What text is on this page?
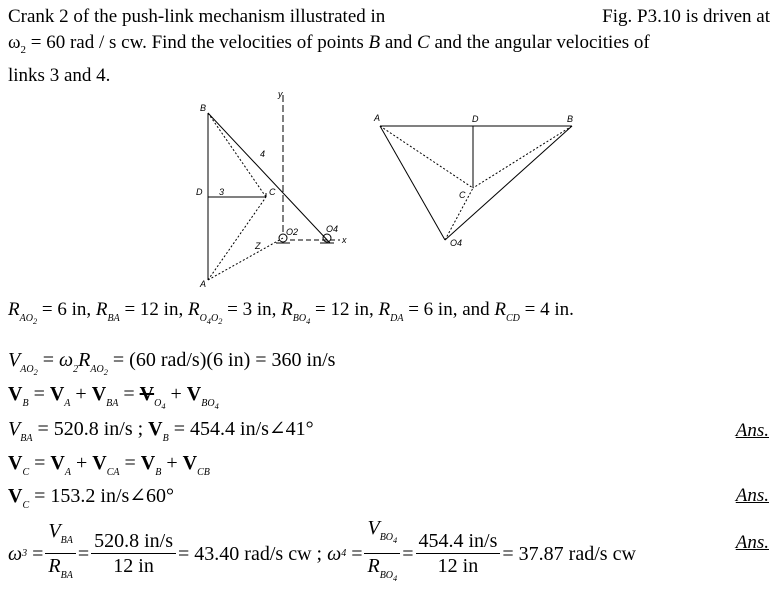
Crank 2 of the push-link mechanism illustrated in	Fig. P3.10 is driven at
$\omega_2 = 60$ rad / s cw. Find the velocities of points B and C and the angular velocities of
links 3 and 4.
B
D 3
4
C
Z
A
y
x
O2	O4
A	D	B
C
O4
$R_{AO_2} = 6$ in, $R_{BA} = 12$ in, $R_{O_4O_2} = 3$ in, $R_{BO_4} = 12$ in, $R_{DA} = 6$ in, and $R_{CD} = 4$ in.
$V_{AO_2} = \omega_2R_{AO_2} = (60$ rad/s)(6 in) = 360 in/s
$V_B = V_A + V_{BA} = V_{O_4} + V_{BO_4}$
$V_{BA} = 520.8$ in/s ; $V_B = 454.4$ in/s∠41°	Ans.
$V_C = V_A + V_{CA} = V_B + V_{CB}$
$V_C = 153.2$ in/s∠60°	Ans.
ω $3 = \frac{V_{BA}}{R_{BA}} = \frac{520.8 in/s}{12 in} = 43.40$ rad/s cw ;
ω $4 = \frac{V_{BO_4}}{R_{BO_4}} = \frac{454.4 in/s}{12 in} = 37.87$ rad/s cw	Ans.
